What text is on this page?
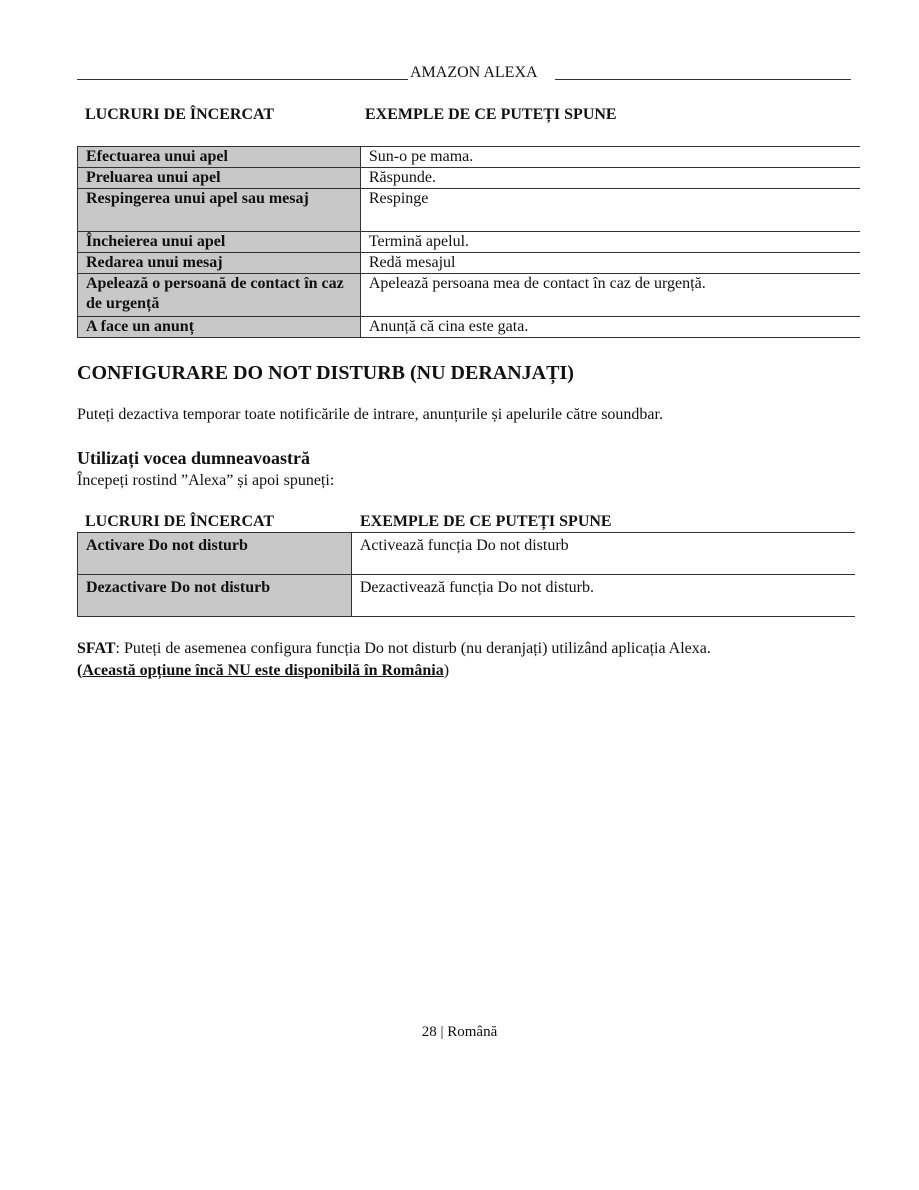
AMAZON ALEXA
LUCRURI DE ÎNCERCAT	EXEMPLE DE CE PUTEȚI SPUNE
Efectuarea unui apel	Sun-o pe mama.
Preluarea unui apel	Răspunde.
Respingerea unui apel sau mesaj	Respinge
Încheierea unui apel	Termină apelul.
Redarea unui mesaj	Redă mesajul
Apelează o persoană de contact în caz de urgență	Apelează persoana mea de contact în caz de urgență.
A face un anunț	Anunță că cina este gata.
CONFIGURARE DO NOT DISTURB (NU DERANJAȚI)
Puteți dezactiva temporar toate notificările de intrare, anunțurile și apelurile către soundbar.
Utilizați vocea dumneavoastră
Începeți rostind ”Alexa” și apoi spuneți:
LUCRURI DE ÎNCERCAT	EXEMPLE DE CE PUTEȚI SPUNE
Activare Do not disturb	Activează funcția Do not disturb
Dezactivare Do not disturb	Dezactivează funcția Do not disturb.
SFAT: Puteți de asemenea configura funcția Do not disturb (nu deranjați) utilizând aplicația Alexa.
(Această opțiune încă NU este disponibilă în România)
28 | Română
